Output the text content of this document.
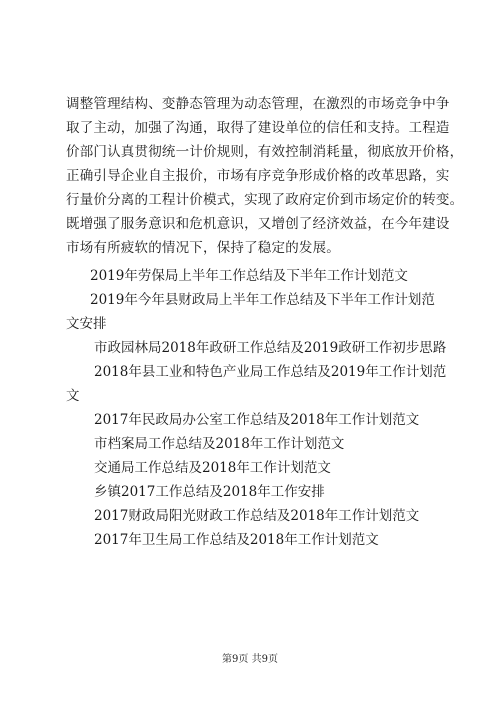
调整管理结构、变静态管理为动态管理，在激烈的市场竞争中争
取了主动，加强了沟通，取得了建设单位的信任和支持。工程造
价部门认真贯彻统一计价规则，有效控制消耗量，彻底放开价格，
正确引导企业自主报价，市场有序竞争形成价格的改革思路，实
行量价分离的工程计价模式，实现了政府定价到市场定价的转变。
既增强了服务意识和危机意识，又增创了经济效益，在今年建设
市场有所疲软的情况下，保持了稳定的发展。
2019年劳保局上半年工作总结及下半年工作计划范文
2019年今年县财政局上半年工作总结及下半年工作计划范
文安排
市政园林局2018年政研工作总结及2019政研工作初步思路
2018年县工业和特色产业局工作总结及2019年工作计划范
文
2017年民政局办公室工作总结及2018年工作计划范文
市档案局工作总结及2018年工作计划范文
交通局工作总结及2018年工作计划范文
乡镇2017工作总结及2018年工作安排
2017财政局阳光财政工作总结及2018年工作计划范文
2017年卫生局工作总结及2018年工作计划范文
第9页 共9页
